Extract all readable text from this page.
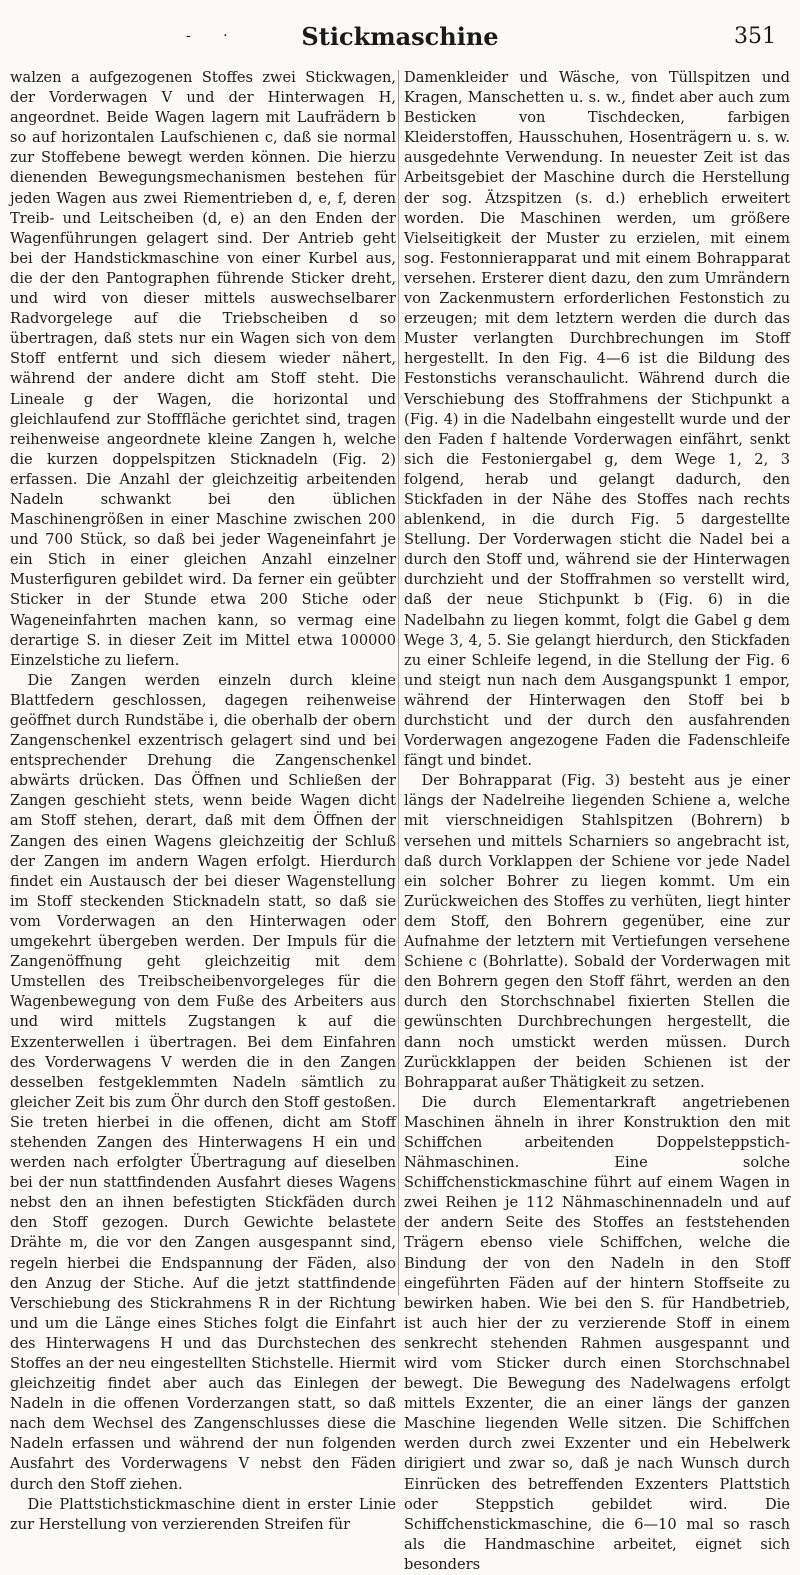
- ·	Stickmaschine	351

walzen a aufgezogenen Stoffes zwei Stickwagen, der Vorderwagen V und der Hinterwagen H, angeordnet. Beide Wagen lagern mit Laufrädern b so auf horizontalen Laufschienen c, daß sie normal zur Stoffebene bewegt werden können. Die hierzu dienenden Bewegungsmechanismen bestehen für jeden Wagen aus zwei Riementrieben d, e, f, deren Treib- und Leitscheiben (d, e) an den Enden der Wagenführungen gelagert sind. Der Antrieb geht bei der Handstickmaschine von einer Kurbel aus, die der den Pantographen führende Sticker dreht, und wird von dieser mittels auswechselbarer Radvorgelege auf die Triebscheiben d so übertragen, daß stets nur ein Wagen sich von dem Stoff entfernt und sich diesem wieder nähert, während der andere dicht am Stoff steht. Die Lineale g der Wagen, die horizontal und gleichlaufend zur Stofffläche gerichtet sind, tragen reihenweise angeordnete kleine Zangen h, welche die kurzen doppelspitzen Sticknadeln (Fig. 2) erfassen. Die Anzahl der gleichzeitig arbeitenden Nadeln schwankt bei den üblichen Maschinengrößen in einer Maschine zwischen 200 und 700 Stück, so daß bei jeder Wageneinfahrt je ein Stich in einer gleichen Anzahl einzelner Musterfiguren gebildet wird. Da ferner ein geübter Sticker in der Stunde etwa 200 Stiche oder Wageneinfahrten machen kann, so vermag eine derartige S. in dieser Zeit im Mittel etwa 100000 Einzelstiche zu liefern.

Die Zangen werden einzeln durch kleine Blattfedern geschlossen, dagegen reihenweise geöffnet durch Rundstäbe i, die oberhalb der obern Zangenschenkel exzentrisch gelagert sind und bei entsprechender Drehung die Zangenschenkel abwärts drücken. Das Öffnen und Schließen der Zangen geschieht stets, wenn beide Wagen dicht am Stoff stehen, derart, daß mit dem Öffnen der Zangen des einen Wagens gleichzeitig der Schluß der Zangen im andern Wagen erfolgt. Hierdurch findet ein Austausch der bei dieser Wagenstellung im Stoff steckenden Sticknadeln statt, so daß sie vom Vorderwagen an den Hinterwagen oder umgekehrt übergeben werden. Der Impuls für die Zangenöffnung geht gleichzeitig mit dem Umstellen des Treibscheibenvorgeleges für die Wagenbewegung von dem Fuße des Arbeiters aus und wird mittels Zugstangen k auf die Exzenterwellen i übertragen. Bei dem Einfahren des Vorderwagens V werden die in den Zangen desselben festgeklemmten Nadeln sämtlich zu gleicher Zeit bis zum Öhr durch den Stoff gestoßen. Sie treten hierbei in die offenen, dicht am Stoff stehenden Zangen des Hinterwagens H ein und werden nach erfolgter Übertragung auf dieselben bei der nun stattfindenden Ausfahrt dieses Wagens nebst den an ihnen befestigten Stickfäden durch den Stoff gezogen. Durch Gewichte belastete Drähte m, die vor den Zangen ausgespannt sind, regeln hierbei die Endspannung der Fäden, also den Anzug der Stiche. Auf die jetzt stattfindende Verschiebung des Stickrahmens R in der Richtung und um die Länge eines Stiches folgt die Einfahrt des Hinterwagens H und das Durchstechen des Stoffes an der neu eingestellten Stichstelle. Hiermit gleichzeitig findet aber auch das Einlegen der Nadeln in die offenen Vorderzangen statt, so daß nach dem Wechsel des Zangenschlusses diese die Nadeln erfassen und während der nun folgenden Ausfahrt des Vorderwagens V nebst den Fäden durch den Stoff ziehen.

Die Plattstichstickmaschine dient in erster Linie zur Herstellung von verzierenden Streifen für

Damenkleider und Wäsche, von Tüllspitzen und Kragen, Manschetten u. s. w., findet aber auch zum Besticken von Tischdecken, farbigen Kleiderstoffen, Hausschuhen, Hosenträgern u. s. w. ausgedehnte Verwendung. In neuester Zeit ist das Arbeitsgebiet der Maschine durch die Herstellung der sog. Ätzspitzen (s. d.) erheblich erweitert worden. Die Maschinen werden, um größere Vielseitigkeit der Muster zu erzielen, mit einem sog. Festonnierapparat und mit einem Bohrapparat versehen. Ersterer dient dazu, den zum Umrändern von Zackenmustern erforderlichen Festonstich zu erzeugen; mit dem letztern werden die durch das Muster verlangten Durchbrechungen im Stoff hergestellt. In den Fig. 4—6 ist die Bildung des Festonstichs veranschaulicht. Während durch die Verschiebung des Stoffrahmens der Stichpunkt a (Fig. 4) in die Nadelbahn eingestellt wurde und der den Faden f haltende Vorderwagen einfährt, senkt sich die Festoniergabel g, dem Wege 1, 2, 3 folgend, herab und gelangt dadurch, den Stickfaden in der Nähe des Stoffes nach rechts ablenkend, in die durch Fig. 5 dargestellte Stellung. Der Vorderwagen sticht die Nadel bei a durch den Stoff und, während sie der Hinterwagen durchzieht und der Stoffrahmen so verstellt wird, daß der neue Stichpunkt b (Fig. 6) in die Nadelbahn zu liegen kommt, folgt die Gabel g dem Wege 3, 4, 5. Sie gelangt hierdurch, den Stickfaden zu einer Schleife legend, in die Stellung der Fig. 6 und steigt nun nach dem Ausgangspunkt 1 empor, während der Hinterwagen den Stoff bei b durchsticht und der durch den ausfahrenden Vorderwagen angezogene Faden die Fadenschleife fängt und bindet.

Der Bohrapparat (Fig. 3) besteht aus je einer längs der Nadelreihe liegenden Schiene a, welche mit vierschneidigen Stahlspitzen (Bohrern) b versehen und mittels Scharniers so angebracht ist, daß durch Vorklappen der Schiene vor jede Nadel ein solcher Bohrer zu liegen kommt. Um ein Zurückweichen des Stoffes zu verhüten, liegt hinter dem Stoff, den Bohrern gegenüber, eine zur Aufnahme der letztern mit Vertiefungen versehene Schiene c (Bohrlatte). Sobald der Vorderwagen mit den Bohrern gegen den Stoff fährt, werden an den durch den Storchschnabel fixierten Stellen die gewünschten Durchbrechungen hergestellt, die dann noch umstickt werden müssen. Durch Zurückklappen der beiden Schienen ist der Bohrapparat außer Thätigkeit zu setzen.

Die durch Elementarkraft angetriebenen Maschinen ähneln in ihrer Konstruktion den mit Schiffchen arbeitenden Doppelsteppstich-Nähmaschinen. Eine solche Schiffchenstickmaschine führt auf einem Wagen in zwei Reihen je 112 Nähmaschinennadeln und auf der andern Seite des Stoffes an feststehenden Trägern ebenso viele Schiffchen, welche die Bindung der von den Nadeln in den Stoff eingeführten Fäden auf der hintern Stoffseite zu bewirken haben. Wie bei den S. für Handbetrieb, ist auch hier der zu verzierende Stoff in einem senkrecht stehenden Rahmen ausgespannt und wird vom Sticker durch einen Storchschnabel bewegt. Die Bewegung des Nadelwagens erfolgt mittels Exzenter, die an einer längs der ganzen Maschine liegenden Welle sitzen. Die Schiffchen werden durch zwei Exzenter und ein Hebelwerk dirigiert und zwar so, daß je nach Wunsch durch Einrücken des betreffenden Exzenters Plattstich oder Steppstich gebildet wird. Die Schiffchenstickmaschine, die 6—10 mal so rasch als die Handmaschine arbeitet, eignet sich besonders
